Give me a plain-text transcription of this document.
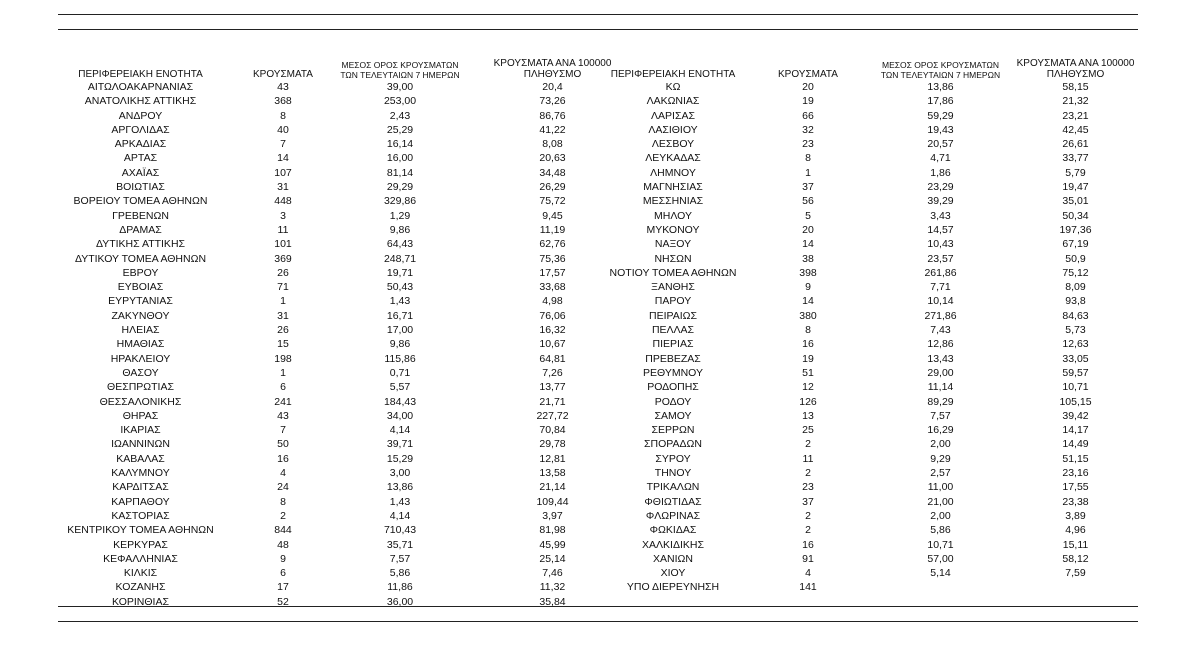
ΠΕΡΙΦΕΡΕΙΑΚΗ ΕΝΟΤΗΤΑ	ΚΡΟΥΣΜΑΤΑ
ΜΕΣΟΣ ΟΡΟΣ ΚΡΟΥΣΜΑΤΩΝ
ΤΩΝ ΤΕΛΕΥΤΑΙΩΝ 7 ΗΜΕΡΩΝ
ΚΡΟΥΣΜΑΤΑ ΑΝΑ 100000
ΠΛΗΘΥΣΜΟ
ΑΙΤΩΛΟΑΚΑΡΝΑΝΙΑΣ	43	39,00	20,4
ΑΝΑΤΟΛΙΚΗΣ ΑΤΤΙΚΗΣ	368	253,00	73,26
ΑΝΔΡΟΥ	8	2,43	86,76
ΑΡΓΟΛΙΔΑΣ	40	25,29	41,22
ΑΡΚΑΔΙΑΣ	7	16,14	8,08
ΑΡΤΑΣ	14	16,00	20,63
ΑΧΑΪΑΣ	107	81,14	34,48
ΒΟΙΩΤΙΑΣ	31	29,29	26,29
ΒΟΡΕΙΟΥ ΤΟΜΕΑ ΑΘΗΝΩΝ	448	329,86	75,72
ΓΡΕΒΕΝΩΝ	3	1,29	9,45
ΔΡΑΜΑΣ	11	9,86	11,19
ΔΥΤΙΚΗΣ ΑΤΤΙΚΗΣ	101	64,43	62,76
ΔΥΤΙΚΟΥ ΤΟΜΕΑ ΑΘΗΝΩΝ	369	248,71	75,36
ΕΒΡΟΥ	26	19,71	17,57
ΕΥΒΟΙΑΣ	71	50,43	33,68
ΕΥΡΥΤΑΝΙΑΣ	1	1,43	4,98
ΖΑΚΥΝΘΟΥ	31	16,71	76,06
ΗΛΕΙΑΣ	26	17,00	16,32
ΗΜΑΘΙΑΣ	15	9,86	10,67
ΗΡΑΚΛΕΙΟΥ	198	115,86	64,81
ΘΑΣΟΥ	1	0,71	7,26
ΘΕΣΠΡΩΤΙΑΣ	6	5,57	13,77
ΘΕΣΣΑΛΟΝΙΚΗΣ	241	184,43	21,71
ΘΗΡΑΣ	43	34,00	227,72
ΙΚΑΡΙΑΣ	7	4,14	70,84
ΙΩΑΝΝΙΝΩΝ	50	39,71	29,78
ΚΑΒΑΛΑΣ	16	15,29	12,81
ΚΑΛΥΜΝΟΥ	4	3,00	13,58
ΚΑΡΔΙΤΣΑΣ	24	13,86	21,14
ΚΑΡΠΑΘΟΥ	8	1,43	109,44
ΚΑΣΤΟΡΙΑΣ	2	4,14	3,97
ΚΕΝΤΡΙΚΟΥ ΤΟΜΕΑ ΑΘΗΝΩΝ	844	710,43	81,98
ΚΕΡΚΥΡΑΣ	48	35,71	45,99
ΚΕΦΑΛΛΗΝΙΑΣ	9	7,57	25,14
ΚΙΛΚΙΣ	6	5,86	7,46
ΚΟΖΑΝΗΣ	17	11,86	11,32
ΚΟΡΙΝΘΙΑΣ	52	36,00	35,84
ΠΕΡΙΦΕΡΕΙΑΚΗ ΕΝΟΤΗΤΑ	ΚΡΟΥΣΜΑΤΑ
ΜΕΣΟΣ ΟΡΟΣ ΚΡΟΥΣΜΑΤΩΝ
ΤΩΝ ΤΕΛΕΥΤΑΙΩΝ 7 ΗΜΕΡΩΝ
ΚΡΟΥΣΜΑΤΑ ΑΝΑ 100000
ΠΛΗΘΥΣΜΟ
ΚΩ	20	13,86	58,15
ΛΑΚΩΝΙΑΣ	19	17,86	21,32
ΛΑΡΙΣΑΣ	66	59,29	23,21
ΛΑΣΙΘΙΟΥ	32	19,43	42,45
ΛΕΣΒΟΥ	23	20,57	26,61
ΛΕΥΚΑΔΑΣ	8	4,71	33,77
ΛΗΜΝΟΥ	1	1,86	5,79
ΜΑΓΝΗΣΙΑΣ	37	23,29	19,47
ΜΕΣΣΗΝΙΑΣ	56	39,29	35,01
ΜΗΛΟΥ	5	3,43	50,34
ΜΥΚΟΝΟΥ	20	14,57	197,36
ΝΑΞΟΥ	14	10,43	67,19
ΝΗΣΩΝ	38	23,57	50,9
ΝΟΤΙΟΥ ΤΟΜΕΑ ΑΘΗΝΩΝ	398	261,86	75,12
ΞΑΝΘΗΣ	9	7,71	8,09
ΠΑΡΟΥ	14	10,14	93,8
ΠΕΙΡΑΙΩΣ	380	271,86	84,63
ΠΕΛΛΑΣ	8	7,43	5,73
ΠΙΕΡΙΑΣ	16	12,86	12,63
ΠΡΕΒΕΖΑΣ	19	13,43	33,05
ΡΕΘΥΜΝΟΥ	51	29,00	59,57
ΡΟΔΟΠΗΣ	12	11,14	10,71
ΡΟΔΟΥ	126	89,29	105,15
ΣΑΜΟΥ	13	7,57	39,42
ΣΕΡΡΩΝ	25	16,29	14,17
ΣΠΟΡΑΔΩΝ	2	2,00	14,49
ΣΥΡΟΥ	11	9,29	51,15
ΤΗΝΟΥ	2	2,57	23,16
ΤΡΙΚΑΛΩΝ	23	11,00	17,55
ΦΘΙΩΤΙΔΑΣ	37	21,00	23,38
ΦΛΩΡΙΝΑΣ	2	2,00	3,89
ΦΩΚΙΔΑΣ	2	5,86	4,96
ΧΑΛΚΙΔΙΚΗΣ	16	10,71	15,11
ΧΑΝΙΩΝ	91	57,00	58,12
ΧΙΟΥ	4	5,14	7,59
ΥΠΟ ΔΙΕΡΕΥΝΗΣΗ	141
